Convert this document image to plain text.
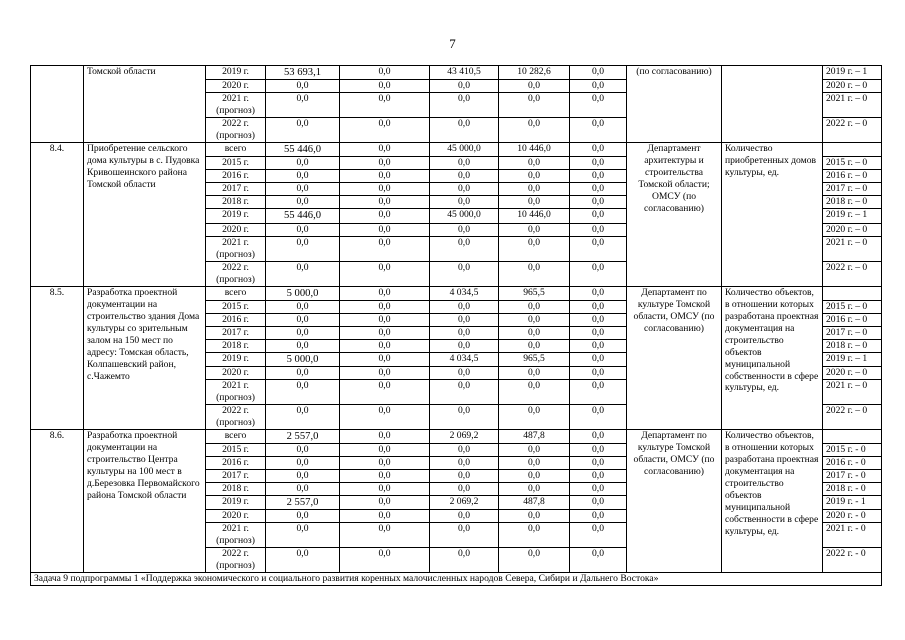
7
	Томской области	2019 г.	53 693,1	0,0	43 410,5	10 282,6	0,0	(по согласованию)		2019 г. – 1
		2020 г.	0,0	0,0	0,0	0,0	0,0			2020 г. – 0
		2021 г. (прогноз)	0,0	0,0	0,0	0,0	0,0			2021 г. – 0
		2022 г. (прогноз)	0,0	0,0	0,0	0,0	0,0			2022 г. – 0
8.4.	Приобретение сельского дома культуры в с. Пудовка Кривошеинского района Томской области	всего	55 446,0	0,0	45 000,0	10 446,0	0,0	Департамент архитектуры и строительства Томской области; ОМСУ (по согласованию)	Количество приобретенных домов культуры, ед.	
		2015 г.	0,0	0,0	0,0	0,0	0,0			2015 г. – 0
		2016 г.	0,0	0,0	0,0	0,0	0,0			2016 г. – 0
		2017 г.	0,0	0,0	0,0	0,0	0,0			2017 г. – 0
		2018 г.	0,0	0,0	0,0	0,0	0,0			2018 г. – 0
		2019 г.	55 446,0	0,0	45 000,0	10 446,0	0,0			2019 г. – 1
		2020 г.	0,0	0,0	0,0	0,0	0,0			2020 г. – 0
		2021 г. (прогноз)	0,0	0,0	0,0	0,0	0,0			2021 г. – 0
		2022 г. (прогноз)	0,0	0,0	0,0	0,0	0,0			2022 г. – 0
8.5.	Разработка проектной документации на строительство здания Дома культуры со зрительным залом на 150 мест по адресу: Томская область, Колпашевский район, с.Чажемто	всего	5 000,0	0,0	4 034,5	965,5	0,0	Департамент по культуре Томской области, ОМСУ (по согласованию)	Количество объектов, в отношении которых разработана проектная документация на строительство объектов муниципальной собственности в сфере культуры, ед.	
		2015 г.	0,0	0,0	0,0	0,0	0,0			2015 г. – 0
		2016 г.	0,0	0,0	0,0	0,0	0,0			2016 г. – 0
		2017 г.	0,0	0,0	0,0	0,0	0,0			2017 г. – 0
		2018 г.	0,0	0,0	0,0	0,0	0,0			2018 г. – 0
		2019 г.	5 000,0	0,0	4 034,5	965,5	0,0			2019 г. – 1
		2020 г.	0,0	0,0	0,0	0,0	0,0			2020 г. – 0
		2021 г. (прогноз)	0,0	0,0	0,0	0,0	0,0			2021 г. – 0
		2022 г. (прогноз)	0,0	0,0	0,0	0,0	0,0			2022 г. – 0
8.6.	Разработка проектной документации на строительство Центра культуры на 100 мест в д.Березовка Первомайского района Томской области	всего	2 557,0	0,0	2 069,2	487,8	0,0	Департамент по культуре Томской области, ОМСУ (по согласованию)	Количество объектов, в отношении которых разработана проектная документация на строительство объектов муниципальной собственности в сфере культуры, ед.	
		2015 г.	0,0	0,0	0,0	0,0	0,0			2015 г. - 0
		2016 г.	0,0	0,0	0,0	0,0	0,0			2016 г. - 0
		2017 г.	0,0	0,0	0,0	0,0	0,0			2017 г. - 0
		2018 г.	0,0	0,0	0,0	0,0	0,0			2018 г. - 0
		2019 г.	2 557,0	0,0	2 069,2	487,8	0,0			2019 г. - 1
		2020 г.	0,0	0,0	0,0	0,0	0,0			2020 г. - 0
		2021 г. (прогноз)	0,0	0,0	0,0	0,0	0,0			2021 г. - 0
		2022 г. (прогноз)	0,0	0,0	0,0	0,0	0,0			2022 г. - 0
Задача 9 подпрограммы 1 «Поддержка экономического и социального развития коренных малочисленных народов Севера, Сибири и Дальнего Востока»										
